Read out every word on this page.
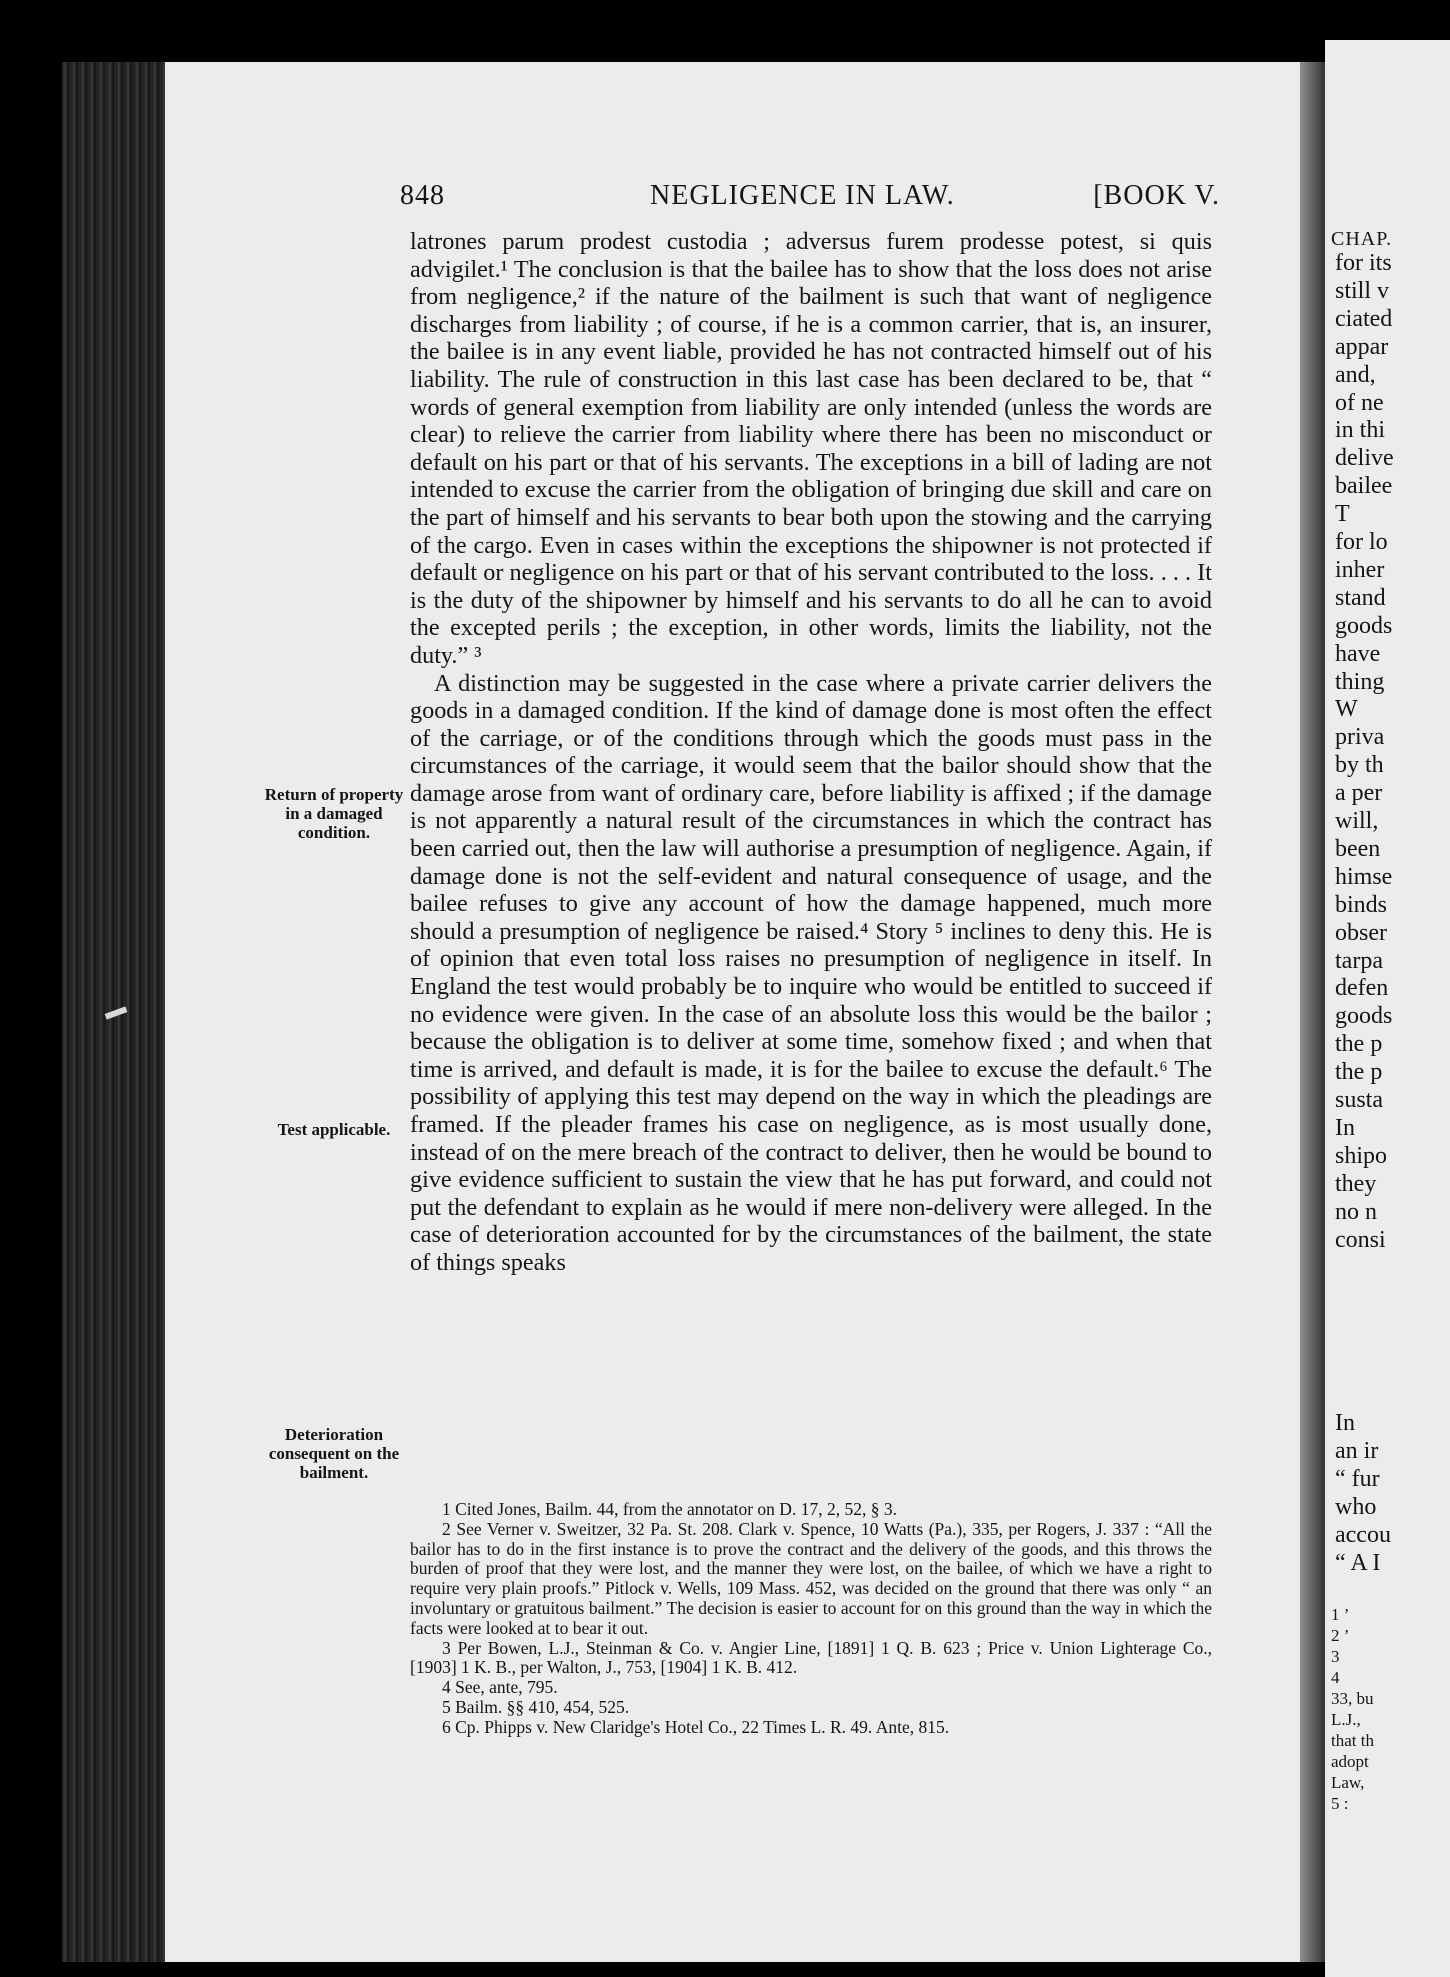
848	NEGLIGENCE IN LAW.	[BOOK V.
Return of property in a damaged condition.
Test applicable.
Deterioration consequent on the bailment.

latrones parum prodest custodia ; adversus furem prodesse potest, si quis advigilet.¹ The conclusion is that the bailee has to show that the loss does not arise from negligence,² if the nature of the bailment is such that want of negligence discharges from liability ; of course, if he is a common carrier, that is, an insurer, the bailee is in any event liable, provided he has not contracted himself out of his liability. The rule of construction in this last case has been declared to be, that “ words of general exemption from liability are only intended (unless the words are clear) to relieve the carrier from liability where there has been no misconduct or default on his part or that of his servants. The exceptions in a bill of lading are not intended to excuse the carrier from the obligation of bringing due skill and care on the part of himself and his servants to bear both upon the stowing and the carrying of the cargo. Even in cases within the exceptions the shipowner is not protected if default or negligence on his part or that of his servant contributed to the loss. . . . It is the duty of the shipowner by himself and his servants to do all he can to avoid the excepted perils ; the exception, in other words, limits the liability, not the duty.” ³

A distinction may be suggested in the case where a private carrier delivers the goods in a damaged condition. If the kind of damage done is most often the effect of the carriage, or of the conditions through which the goods must pass in the circumstances of the carriage, it would seem that the bailor should show that the damage arose from want of ordinary care, before liability is affixed ; if the damage is not apparently a natural result of the circumstances in which the contract has been carried out, then the law will authorise a presumption of negligence. Again, if damage done is not the self-evident and natural consequence of usage, and the bailee refuses to give any account of how the damage happened, much more should a presumption of negligence be raised.⁴ Story ⁵ inclines to deny this. He is of opinion that even total loss raises no presumption of negligence in itself. In England the test would probably be to inquire who would be entitled to succeed if no evidence were given. In the case of an absolute loss this would be the bailor ; because the obligation is to deliver at some time, somehow fixed ; and when that time is arrived, and default is made, it is for the bailee to excuse the default.⁶ The possibility of applying this test may depend on the way in which the pleadings are framed. If the pleader frames his case on negligence, as is most usually done, instead of on the mere breach of the contract to deliver, then he would be bound to give evidence sufficient to sustain the view that he has put forward, and could not put the defendant to explain as he would if mere non-delivery were alleged. In the case of deterioration accounted for by the circumstances of the bailment, the state of things speaks

1 Cited Jones, Bailm. 44, from the annotator on D. 17, 2, 52, § 3.

2 See Verner v. Sweitzer, 32 Pa. St. 208. Clark v. Spence, 10 Watts (Pa.), 335, per Rogers, J. 337 : “All the bailor has to do in the first instance is to prove the contract and the delivery of the goods, and this throws the burden of proof that they were lost, and the manner they were lost, on the bailee, of which we have a right to require very plain proofs.” Pitlock v. Wells, 109 Mass. 452, was decided on the ground that there was only “ an involuntary or gratuitous bailment.” The decision is easier to account for on this ground than the way in which the facts were looked at to bear it out.

3 Per Bowen, L.J., Steinman & Co. v. Angier Line, [1891] 1 Q. B. 623 ; Price v. Union Lighterage Co., [1903] 1 K. B., per Walton, J., 753, [1904] 1 K. B. 412.

4 See, ante, 795.

5 Bailm. §§ 410, 454, 525.

6 Cp. Phipps v. New Claridge's Hotel Co., 22 Times L. R. 49. Ante, 815.

CHAP.
for its
still v
ciated
appar
and,
of ne
in thi
delive
bailee
T
for lo
inher
stand
goods
have
thing
W
priva
by th
a per
will,
been
himse
binds
obser
tarpa
defen
goods
the p
the p
susta
In
shipo
they
no n
consi
In
an ir
“ fur
who
accou
“ A I
1 ’
2 ’
3
4
33, bu
L.J.,
that th
adopt
Law,
5 :
